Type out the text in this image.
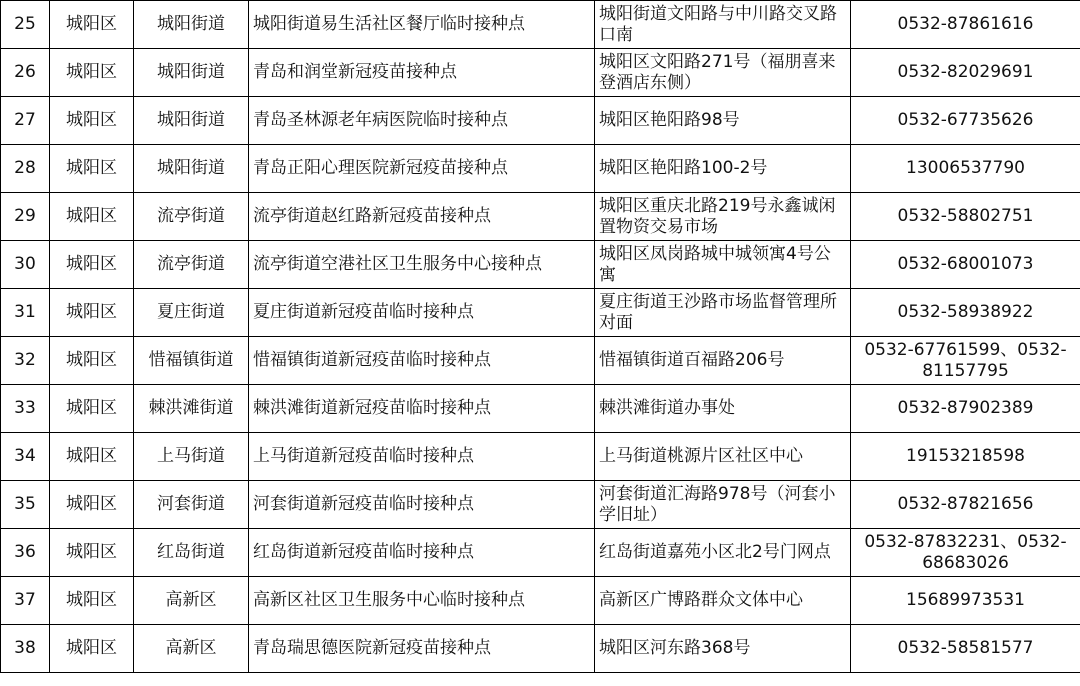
25	城阳区	城阳街道	城阳街道易生活社区餐厅临时接种点	城阳街道文阳路与中川路交叉路口南	0532-87861616
26	城阳区	城阳街道	青岛和润堂新冠疫苗接种点	城阳区文阳路271号（福朋喜来登酒店东侧）	0532-82029691
27	城阳区	城阳街道	青岛圣林源老年病医院临时接种点	城阳区艳阳路98号	0532-67735626
28	城阳区	城阳街道	青岛正阳心理医院新冠疫苗接种点	城阳区艳阳路100-2号	13006537790
29	城阳区	流亭街道	流亭街道赵红路新冠疫苗接种点	城阳区重庆北路219号永鑫诚闲置物资交易市场	0532-58802751
30	城阳区	流亭街道	流亭街道空港社区卫生服务中心接种点	城阳区凤岗路城中城领寓4号公寓	0532-68001073
31	城阳区	夏庄街道	夏庄街道新冠疫苗临时接种点	夏庄街道王沙路市场监督管理所对面	0532-58938922
32	城阳区	惜福镇街道	惜福镇街道新冠疫苗临时接种点	惜福镇街道百福路206号	0532-67761599、0532-81157795
33	城阳区	棘洪滩街道	棘洪滩街道新冠疫苗临时接种点	棘洪滩街道办事处	0532-87902389
34	城阳区	上马街道	上马街道新冠疫苗临时接种点	上马街道桃源片区社区中心	19153218598
35	城阳区	河套街道	河套街道新冠疫苗临时接种点	河套街道汇海路978号（河套小学旧址）	0532-87821656
36	城阳区	红岛街道	红岛街道新冠疫苗临时接种点	红岛街道嘉苑小区北2号门网点	0532-87832231、0532-68683026
37	城阳区	高新区	高新区社区卫生服务中心临时接种点	高新区广博路群众文体中心	15689973531
38	城阳区	高新区	青岛瑞思德医院新冠疫苗接种点	城阳区河东路368号	0532-58581577
